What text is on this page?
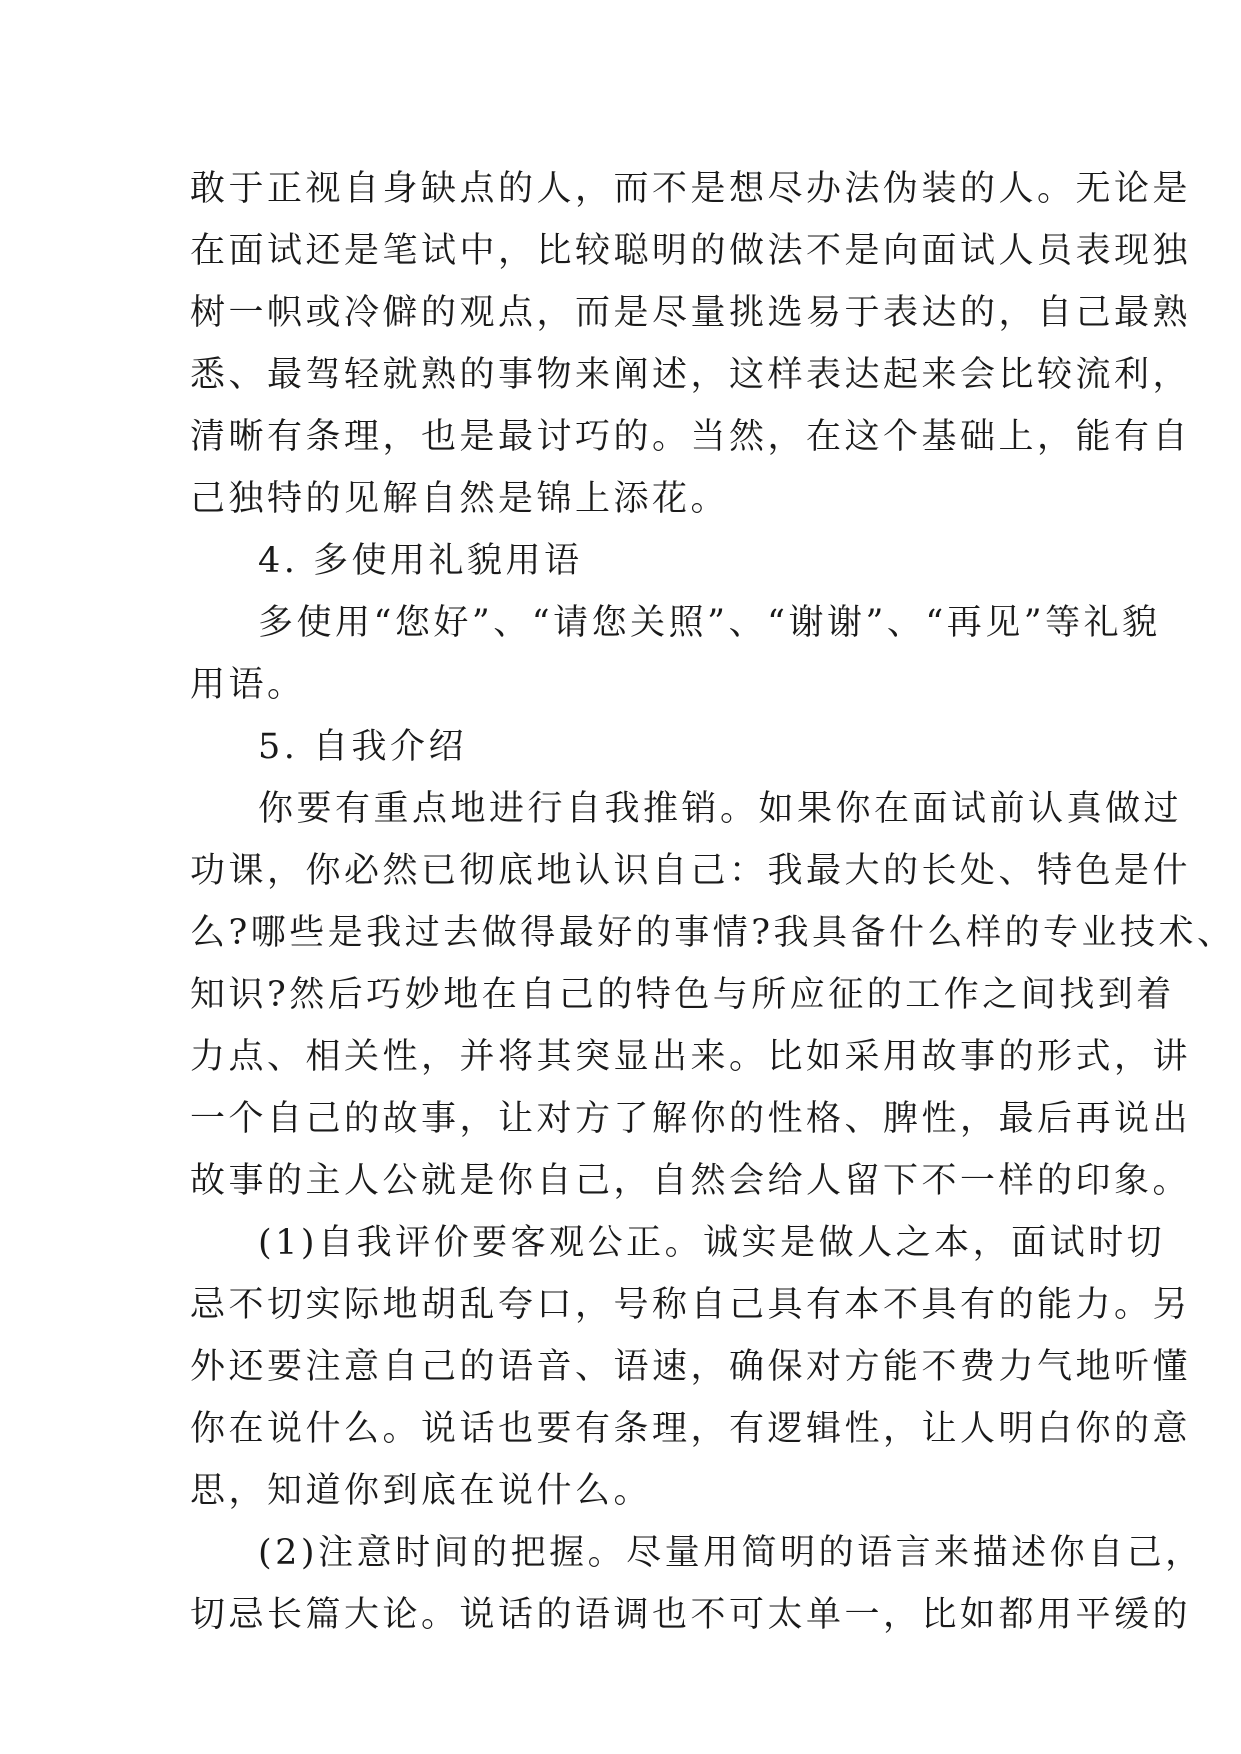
敢于正视自身缺点的人，而不是想尽办法伪装的人。无论是
在面试还是笔试中，比较聪明的做法不是向面试人员表现独
树一帜或冷僻的观点，而是尽量挑选易于表达的，自己最熟
悉、最驾轻就熟的事物来阐述，这样表达起来会比较流利，
清晰有条理，也是最讨巧的。当然，在这个基础上，能有自
己独特的见解自然是锦上添花。
4. 多使用礼貌用语
多使用“您好”、“请您关照”、“谢谢”、“再见”等礼貌
用语。
5. 自我介绍
你要有重点地进行自我推销。如果你在面试前认真做过
功课，你必然已彻底地认识自己：我最大的长处、特色是什
么?哪些是我过去做得最好的事情?我具备什么样的专业技术、
知识?然后巧妙地在自己的特色与所应征的工作之间找到着
力点、相关性，并将其突显出来。比如采用故事的形式，讲
一个自己的故事，让对方了解你的性格、脾性，最后再说出
故事的主人公就是你自己，自然会给人留下不一样的印象。
(1)自我评价要客观公正。诚实是做人之本，面试时切
忌不切实际地胡乱夸口，号称自己具有本不具有的能力。另
外还要注意自己的语音、语速，确保对方能不费力气地听懂
你在说什么。说话也要有条理，有逻辑性，让人明白你的意
思，知道你到底在说什么。
(2)注意时间的把握。尽量用简明的语言来描述你自己，
切忌长篇大论。说话的语调也不可太单一，比如都用平缓的
